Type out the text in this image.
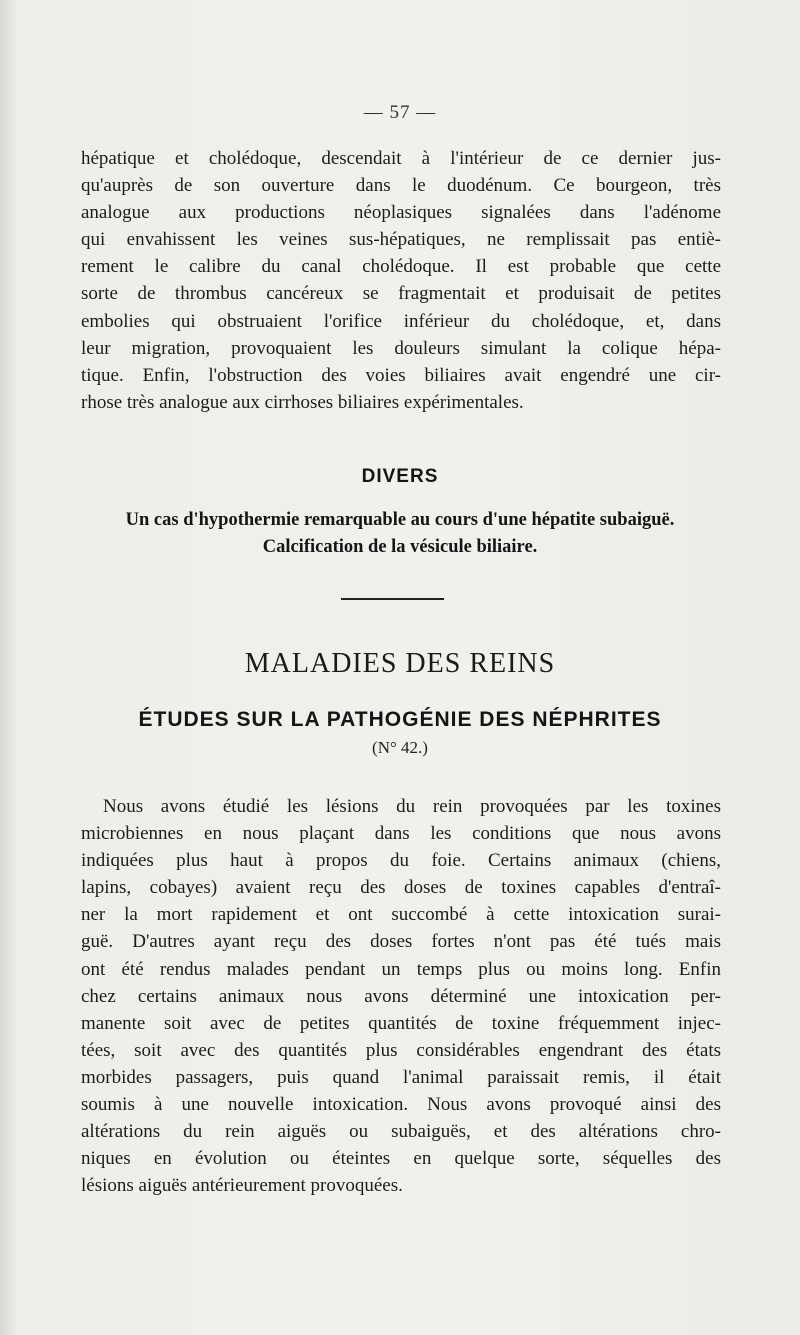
— 57 —

hépatique et cholédoque, descendait à l'intérieur de ce dernier jus-
qu'auprès de son ouverture dans le duodénum. Ce bourgeon, très
analogue aux productions néoplasiques signalées dans l'adénome
qui envahissent les veines sus-hépatiques, ne remplissait pas entiè-
rement le calibre du canal cholédoque. Il est probable que cette
sorte de thrombus cancéreux se fragmentait et produisait de petites
embolies qui obstruaient l'orifice inférieur du cholédoque, et, dans
leur migration, provoquaient les douleurs simulant la colique hépa-
tique. Enfin, l'obstruction des voies biliaires avait engendré une cir-
rhose très analogue aux cirrhoses biliaires expérimentales.

DIVERS
Un cas d'hypothermie remarquable au cours d'une hépatite subaiguë.
Calcification de la vésicule biliaire.
MALADIES DES REINS
ÉTUDES SUR LA PATHOGÉNIE DES NÉPHRITES
(N° 42.)

Nous avons étudié les lésions du rein provoquées par les toxines
microbiennes en nous plaçant dans les conditions que nous avons
indiquées plus haut à propos du foie. Certains animaux (chiens,
lapins, cobayes) avaient reçu des doses de toxines capables d'entraî-
ner la mort rapidement et ont succombé à cette intoxication surai-
guë. D'autres ayant reçu des doses fortes n'ont pas été tués mais
ont été rendus malades pendant un temps plus ou moins long. Enfin
chez certains animaux nous avons déterminé une intoxication per-
manente soit avec de petites quantités de toxine fréquemment injec-
tées, soit avec des quantités plus considérables engendrant des états
morbides passagers, puis quand l'animal paraissait remis, il était
soumis à une nouvelle intoxication. Nous avons provoqué ainsi des
altérations du rein aiguës ou subaiguës, et des altérations chro-
niques en évolution ou éteintes en quelque sorte, séquelles des
lésions aiguës antérieurement provoquées.
